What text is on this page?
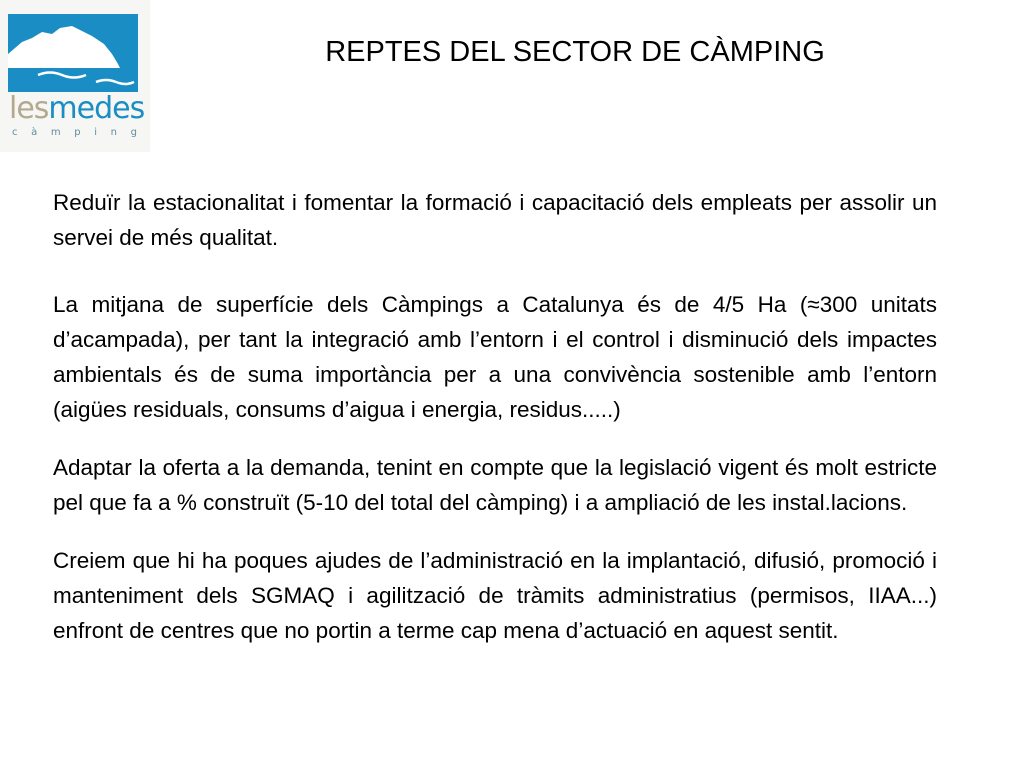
lesmedes
c à m p i n g
REPTES DEL SECTOR DE CÀMPING

Reduïr la estacionalitat i fomentar la formació i capacitació dels empleats per assolir un servei de més qualitat.

La mitjana de superfície dels Càmpings a Catalunya és de 4/5 Ha (≈300 unitats d’acampada), per tant la integració amb l’entorn i el control i disminució dels impactes ambientals és de suma importància per a una convivència sostenible amb l’entorn (aigües residuals, consums d’aigua i energia, residus.....)

Adaptar la oferta a la demanda, tenint en compte que la legislació vigent és molt estricte pel que fa a % construït (5-10 del total del càmping) i a ampliació de les instal.lacions.

Creiem que hi ha poques ajudes de l’administració en la implantació, difusió, promoció i manteniment dels SGMAQ i agilització de tràmits administratius (permisos, IIAA...) enfront de centres que no portin a terme cap mena d’actuació en aquest sentit.
